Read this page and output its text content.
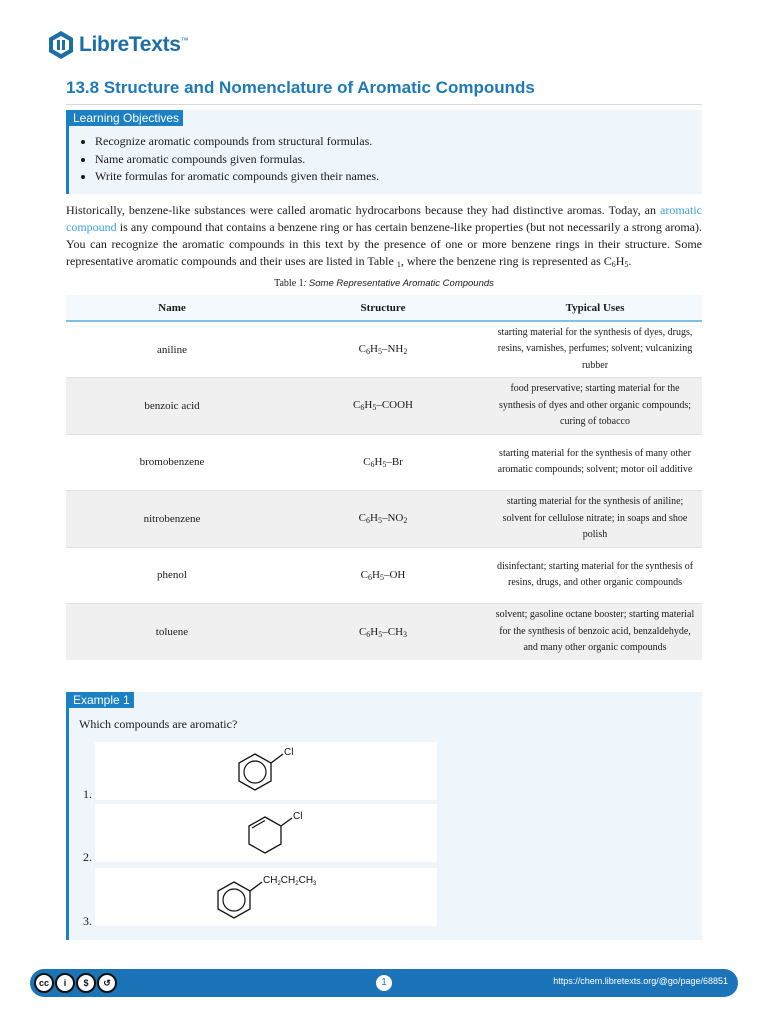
LibreTexts™
13.8 Structure and Nomenclature of Aromatic Compounds
Learning Objectives
• Recognize aromatic compounds from structural formulas.
• Name aromatic compounds given formulas.
• Write formulas for aromatic compounds given their names.

Historically, benzene-like substances were called aromatic hydrocarbons because they had distinctive aromas. Today, an aromatic compound is any compound that contains a benzene ring or has certain benzene-like properties (but not necessarily a strong aroma). You can recognize the aromatic compounds in this text by the presence of one or more benzene rings in their structure. Some representative aromatic compounds and their uses are listed in Table $_1$, where the benzene ring is represented as $C_6H_5$.

Table 1: Some Representative Aromatic Compounds
Name	Structure	Typical Uses
aniline	$C_6H_5-NH_2$	starting material for the synthesis of dyes, drugs, resins, varnishes, perfumes; solvent; vulcanizing rubber
benzoic acid	$C_6H_5$–COOH	food preservative; starting material for the synthesis of dyes and other organic compounds; curing of tobacco
bromobenzene	$C_6H_5-Br$	starting material for the synthesis of many other aromatic compounds; solvent; motor oil additive
nitrobenzene	$C_6H_5-NO_2$	starting material for the synthesis of aniline; solvent for cellulose nitrate; in soaps and shoe polish
phenol	$C_6H_5-OH$	disinfectant; starting material for the synthesis of resins, drugs, and other organic compounds
toluene	$C_6H_5-CH_3$	solvent; gasoline octane booster; starting material for the synthesis of benzoic acid, benzaldehyde, and many other organic compounds
Example 1

Which compounds are aromatic?

1.
Cl
2.
Cl
3.
$CH_2CH_2CH_3$
cc	i	$	↺	1	https://chem.libretexts.org/@go/page/68851
